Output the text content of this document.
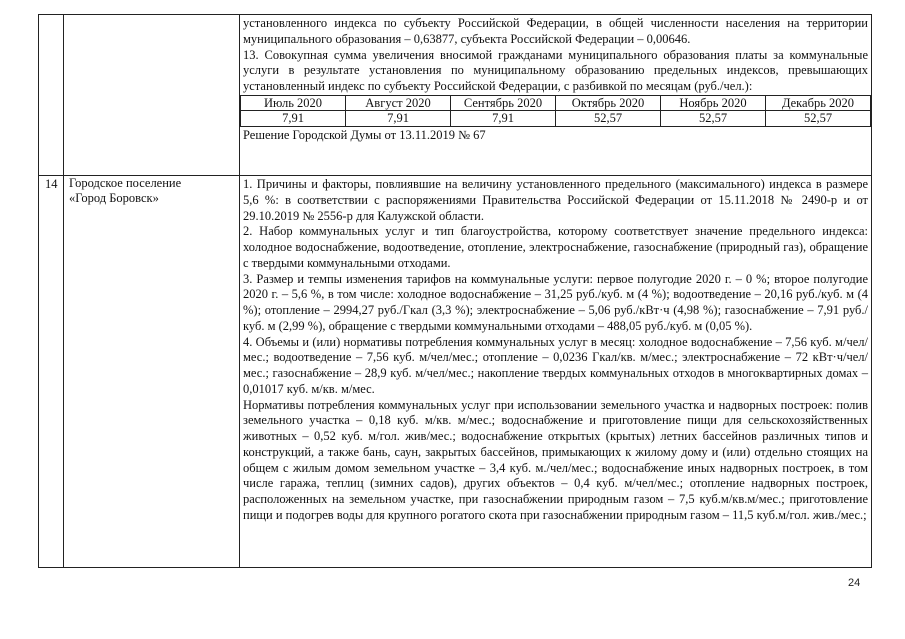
установленного индекса по субъекту Российской Федерации, в общей численности населения на территории муниципального образования – 0,63877, субъекта Российской Федерации – 0,00646.

13. Совокупная сумма увеличения вносимой гражданами муниципального образования платы за коммунальные услуги в результате установления по муниципальному образованию предельных индексов, превышающих установленный индекс по субъекту Российской Федерации, с разбивкой по месяцам (руб./чел.):

Июль 2020	Август 2020	Сентябрь 2020	Октябрь 2020	Ноябрь 2020	Декабрь 2020
7,91	7,91	7,91	52,57	52,57	52,57

Решение Городской Думы от 13.11.2019 № 67

14	Городское поселение
«Город Боровск»

1. Причины и факторы, повлиявшие на величину установленного предельного (максимального) индекса в размере 5,6 %: в соответствии с распоряжениями Правительства Российской Федерации от 15.11.2018 № 2490-р и от 29.10.2019 № 2556-р для Калужской области.

2. Набор коммунальных услуг и тип благоустройства, которому соответствует значение предельного индекса: холодное водоснабжение, водоотведение, отопление, электроснабжение, газоснабжение (природный газ), обращение с твердыми коммунальными отходами.

3. Размер и темпы изменения тарифов на коммунальные услуги: первое полугодие 2020 г. – 0 %; второе полугодие 2020 г. – 5,6 %, в том числе: холодное водоснабжение – 31,25 руб./куб. м (4 %); водоотведение – 20,16 руб./куб. м (4 %); отопление – 2994,27 руб./Гкал (3,3 %); электроснабжение – 5,06 руб./кВт·ч (4,98 %); газоснабжение – 7,91 руб./куб. м (2,99 %), обращение с твердыми коммунальными отходами – 488,05 руб./куб. м (0,05 %).

4. Объемы и (или) нормативы потребления коммунальных услуг в месяц: холодное водоснабжение – 7,56 куб. м/чел/мес.; водоотведение – 7,56 куб. м/чел/мес.; отопление – 0,0236 Гкал/кв. м/мес.; электроснабжение – 72 кВт·ч/чел/мес.; газоснабжение – 28,9 куб. м/чел/мес.; накопление твердых коммунальных отходов в многоквартирных домах – 0,01017 куб. м/кв. м/мес.

Нормативы потребления коммунальных услуг при использовании земельного участка и надворных построек: полив земельного участка – 0,18 куб. м/кв. м/мес.; водоснабжение и приготовление пищи для сельскохозяйственных животных – 0,52 куб. м/гол. жив/мес.; водоснабжение открытых (крытых) летних бассейнов различных типов и конструкций, а также бань, саун, закрытых бассейнов, примыкающих к жилому дому и (или) отдельно стоящих на общем с жилым домом земельном участке – 3,4 куб. м./чел/мес.; водоснабжение иных надворных построек, в том числе гаража, теплиц (зимних садов), других объектов – 0,4 куб. м/чел/мес.; отопление надворных построек, расположенных на земельном участке, при газоснабжении природным газом – 7,5 куб.м/кв.м/мес.; приготовление пищи и подогрев воды для крупного рогатого скота при газоснабжении природным газом – 11,5 куб.м/гол. жив./мес.;

24
